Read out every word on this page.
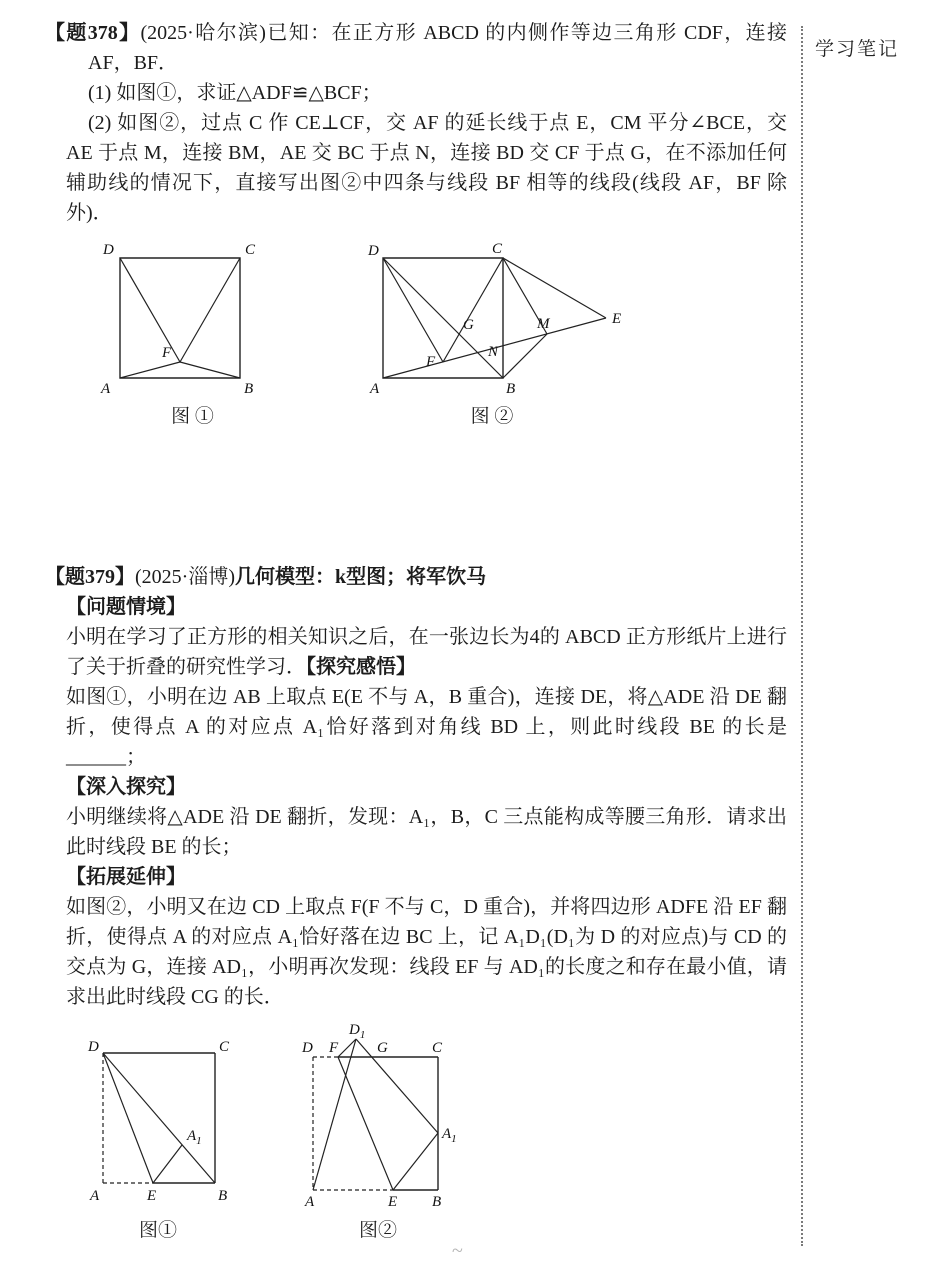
学习笔记

【题378】(2025·哈尔滨)已知：在正方形 ABCD 的内侧作等边三角形 CDF，连接 AF，BF．

(1) 如图①，求证△ADF≌△BCF；

(2) 如图②，过点 C 作 CE⊥CF，交 AF 的延长线于点 E，CM 平分∠BCE，交 AE 于点 M，连接 BM，AE 交 BC 于点 N，连接 BD 交 CF 于点 G，在不添加任何辅助线的情况下，直接写出图②中四条与线段 BF 相等的线段(线段 AF，BF 除外)．

D	C
A	B
F
图 ①
D	C
A	B
E
F
G	M
N
图 ②

【题379】(2025·淄博)几何模型：k型图；将军饮马

【问题情境】

小明在学习了正方形的相关知识之后，在一张边长为4的 ABCD 正方形纸片上进行了关于折叠的研究性学习．【探究感悟】

如图①，小明在边 AB 上取点 E(E 不与 A，B 重合)，连接 DE，将△ADE 沿 DE 翻折，使得点 A 的对应点 A₁恰好落到对角线 BD 上，则此时线段 BE 的长是______；

【深入探究】

小明继续将△ADE 沿 DE 翻折，发现：A₁，B，C 三点能构成等腰三角形．请求出此时线段 BE 的长；

【拓展延伸】

如图②，小明又在边 CD 上取点 F(F 不与 C，D 重合)，并将四边形 ADFE 沿 EF 翻折，使得点 A 的对应点 A₁恰好落在边 BC 上，记 A₁D₁(D₁为 D 的对应点)与 CD 的交点为 G，连接 AD₁，小明再次发现：线段 EF 与 AD₁的长度之和存在最小值，请求出此时线段 CG 的长．

D	C
A	E	B
$A_1$
图①
D F
$D_1$
G	C
A	E B
$A_1$
图②
~
